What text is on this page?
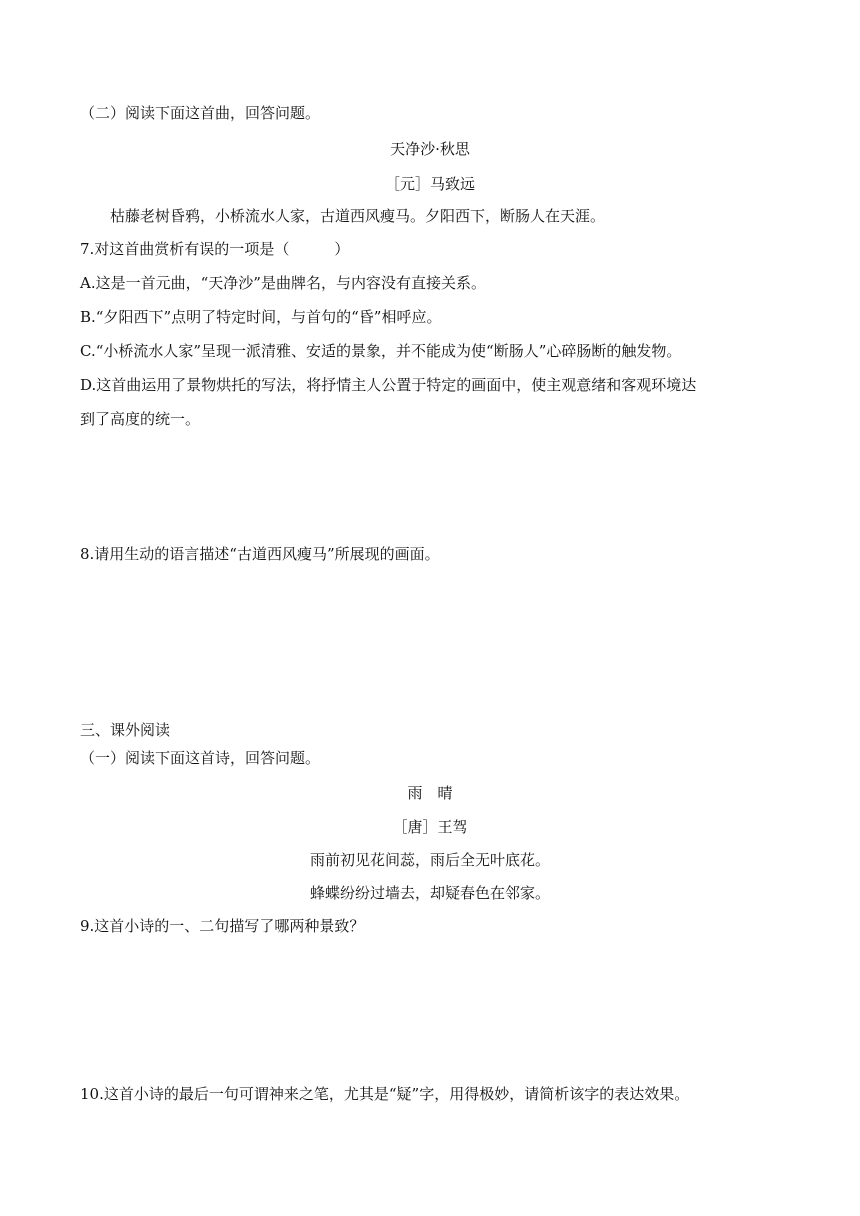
（二）阅读下面这首曲，回答问题。
天净沙·秋思
［元］马致远
枯藤老树昏鸦，小桥流水人家，古道西风瘦马。夕阳西下，断肠人在天涯。
7.对这首曲赏析有误的一项是（　　　）
A.这是一首元曲，“天净沙”是曲牌名，与内容没有直接关系。
B.“夕阳西下”点明了特定时间，与首句的“昏”相呼应。
C.“小桥流水人家”呈现一派清雅、安适的景象，并不能成为使“断肠人”心碎肠断的触发物。
D.这首曲运用了景物烘托的写法，将抒情主人公置于特定的画面中，使主观意绪和客观环境达
到了高度的统一。
8.请用生动的语言描述“古道西风瘦马”所展现的画面。
三、课外阅读
（一）阅读下面这首诗，回答问题。
雨　晴
［唐］王驾
雨前初见花间蕊，雨后全无叶底花。
蜂蝶纷纷过墙去，却疑春色在邻家。
9.这首小诗的一、二句描写了哪两种景致？
10.这首小诗的最后一句可谓神来之笔，尤其是“疑”字，用得极妙，请简析该字的表达效果。
